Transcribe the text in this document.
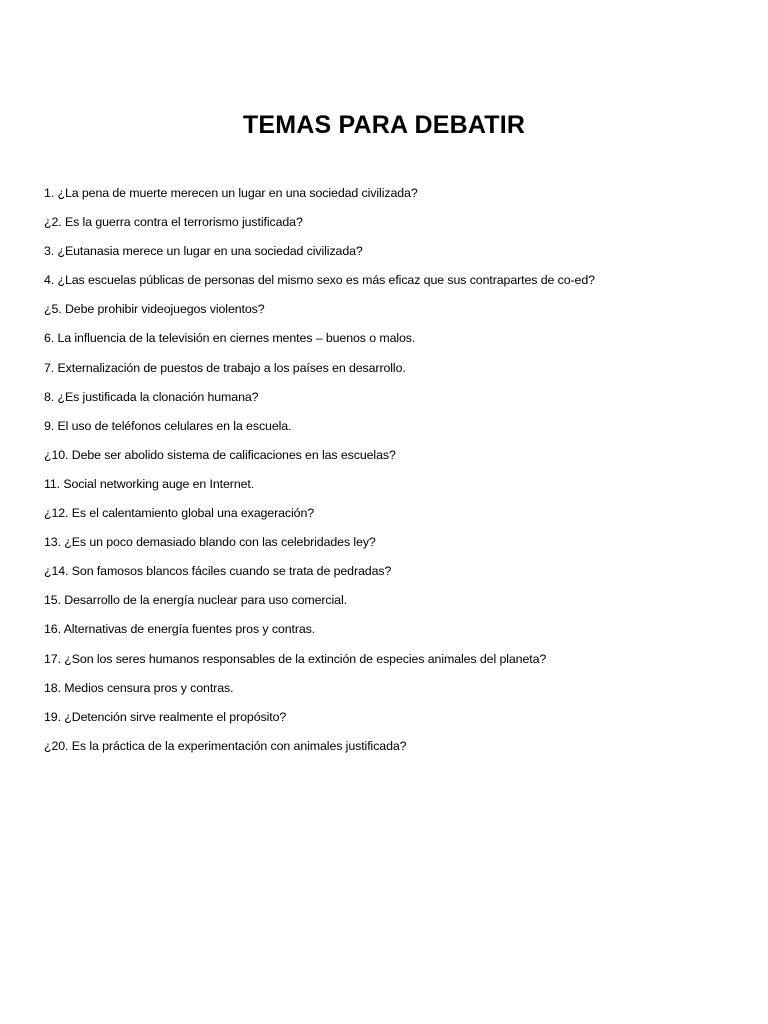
TEMAS PARA DEBATIR
1. ¿La pena de muerte merecen un lugar en una sociedad civilizada?
¿2. Es la guerra contra el terrorismo justificada?
3. ¿Eutanasia merece un lugar en una sociedad civilizada?
4. ¿Las escuelas públicas de personas del mismo sexo es más eficaz que sus contrapartes de co-ed?
¿5. Debe prohibir videojuegos violentos?
6. La influencia de la televisión en ciernes mentes – buenos o malos.
7. Externalización de puestos de trabajo a los países en desarrollo.
8. ¿Es justificada la clonación humana?
9. El uso de teléfonos celulares en la escuela.
¿10. Debe ser abolido sistema de calificaciones en las escuelas?
11. Social networking auge en Internet.
¿12. Es el calentamiento global una exageración?
13. ¿Es un poco demasiado blando con las celebridades ley?
¿14. Son famosos blancos fáciles cuando se trata de pedradas?
15. Desarrollo de la energía nuclear para uso comercial.
16. Alternativas de energía fuentes pros y contras.
17. ¿Son los seres humanos responsables de la extinción de especies animales del planeta?
18. Medios censura pros y contras.
19. ¿Detención sirve realmente el propósito?
¿20. Es la práctica de la experimentación con animales justificada?
